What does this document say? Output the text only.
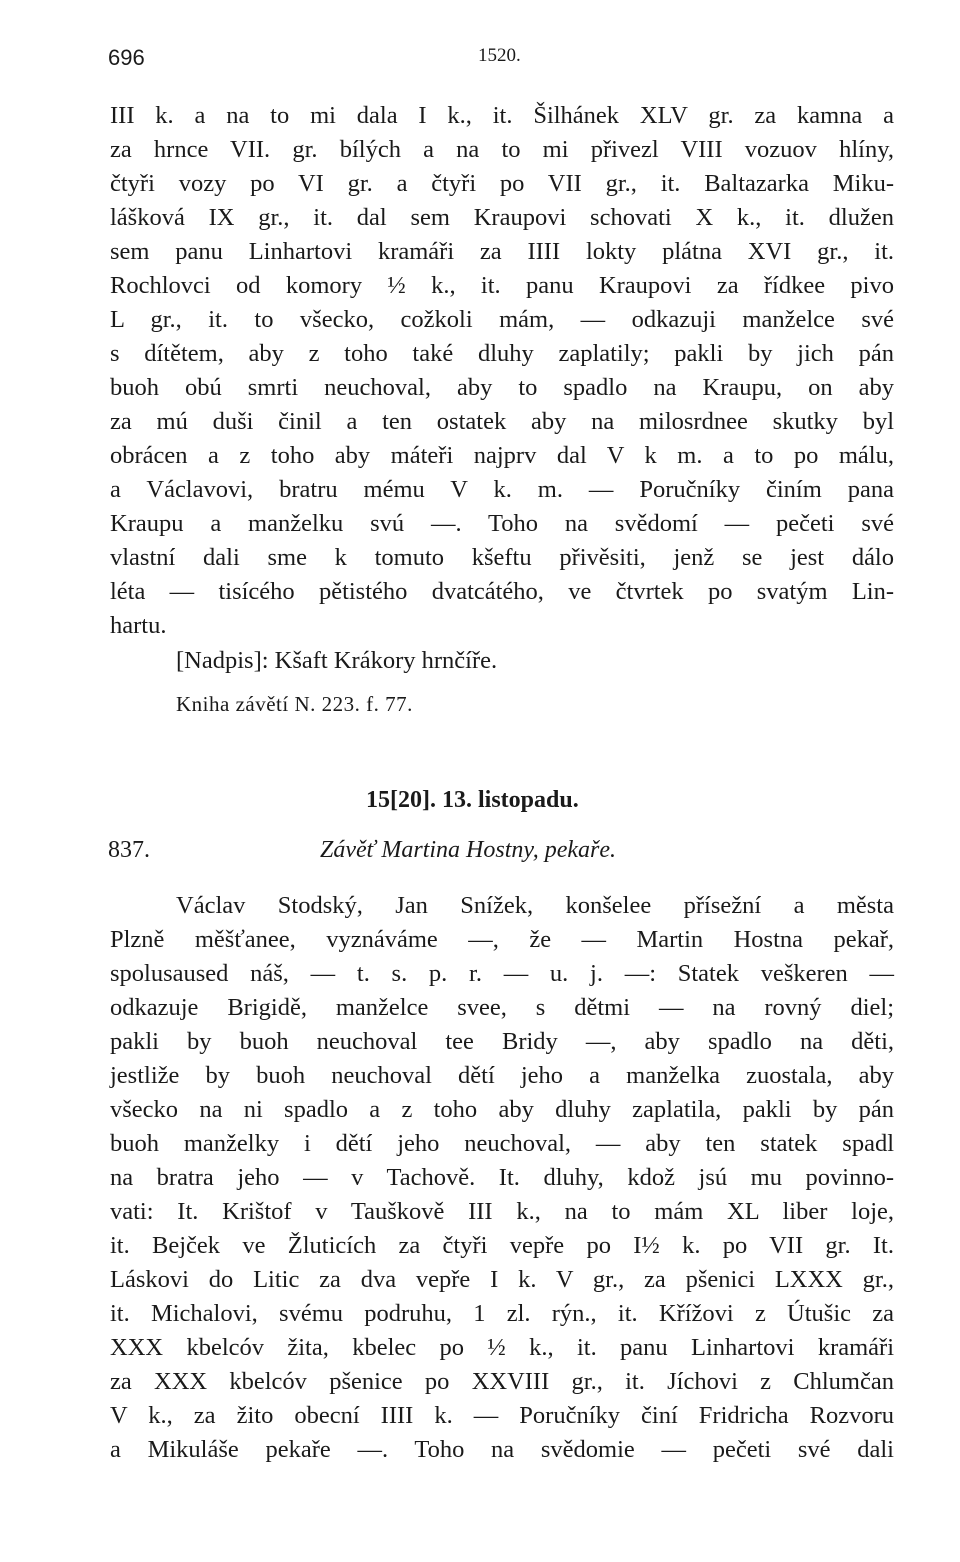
696	1520.
III k. a na to mi dala I k., it. Šilhánek XLV gr. za kamna a
za hrnce VII. gr. bílých a na to mi přivezl VIII vozuov hlíny,
čtyři vozy po VI gr. a čtyři po VII gr., it. Baltazarka Miku-
lášková IX gr., it. dal sem Kraupovi schovati X k., it. dlužen
sem panu Linhartovi kramáři za IIII lokty plátna XVI gr., it.
Rochlovci od komory ½ k., it. panu Kraupovi za řídkee pivo
L gr., it. to všecko, cožkoli mám, — odkazuji manželce své
s dítětem, aby z toho také dluhy zaplatily; pakli by jich pán
buoh obú smrti neuchoval, aby to spadlo na Kraupu, on aby
za mú duši činil a ten ostatek aby na milosrdnee skutky byl
obrácen a z toho aby máteři najprv dal V k m. a to po málu,
a Václavovi, bratru mému V k. m. — Poručníky činím pana
Kraupu a manželku svú —. Toho na svědomí — pečeti své
vlastní dali sme k tomuto kšeftu přivěsiti, jenž se jest dálo
léta — tisícého pětistého dvatcátého, ve čtvrtek po svatým Lin-
hartu.
[Nadpis]: Kšaft Krákory hrnčíře.
Kniha závětí N. 223. f. 77.
15[20]. 13. listopadu.
837.	Závěť Martina Hostny, pekaře.
Václav Stodský, Jan Snížek, konšelee přísežní a města
Plzně měšťanee, vyznáváme —, že — Martin Hostna pekař,
spolusaused náš, — t. s. p. r. — u. j. —: Statek veškeren —
odkazuje Brigidě, manželce svee, s dětmi — na rovný diel;
pakli by buoh neuchoval tee Bridy —, aby spadlo na děti,
jestliže by buoh neuchoval dětí jeho a manželka zuostala, aby
všecko na ni spadlo a z toho aby dluhy zaplatila, pakli by pán
buoh manželky i dětí jeho neuchoval, — aby ten statek spadl
na bratra jeho — v Tachově. It. dluhy, kdož jsú mu povinno-
vati: It. Krištof v Tauškově III k., na to mám XL liber loje,
it. Bejček ve Žluticích za čtyři vepře po I½ k. po VII gr. It.
Láskovi do Litic za dva vepře I k. V gr., za pšenici LXXX gr.,
it. Michalovi, svému podruhu, 1 zl. rýn., it. Křížovi z Útušic za
XXX kbelcóv žita, kbelec po ½ k., it. panu Linhartovi kramáři
za XXX kbelcóv pšenice po XXVIII gr., it. Jíchovi z Chlumčan
V k., za žito obecní IIII k. — Poručníky činí Fridricha Rozvoru
a Mikuláše pekaře —. Toho na svědomie — pečeti své dali
